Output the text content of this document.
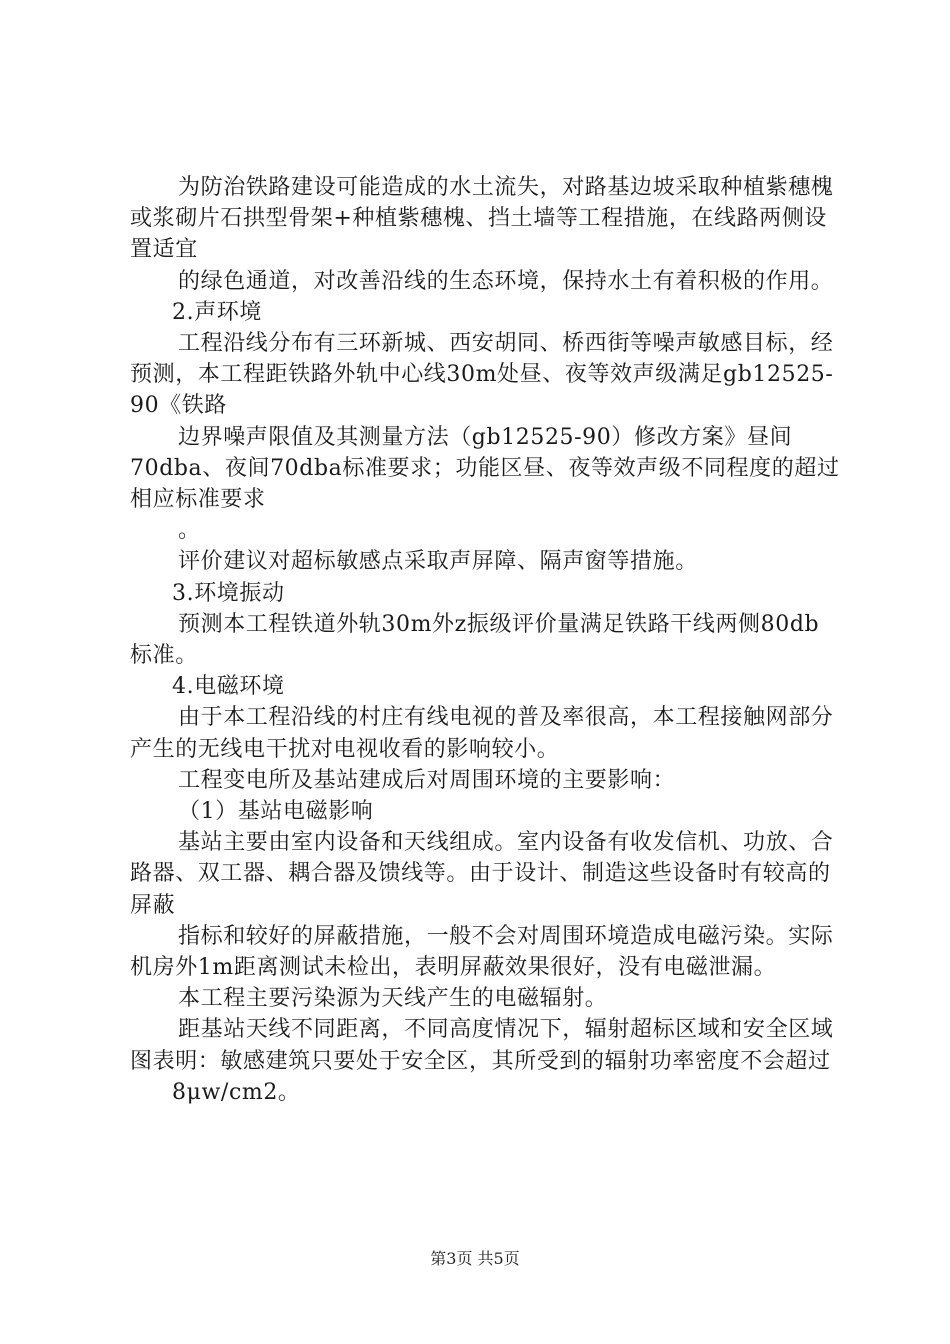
为防治铁路建设可能造成的水土流失，对路基边坡采取种植紫穗槐或浆砌片石拱型骨架+种植紫穗槐、挡土墙等工程措施，在线路两侧设置适宜

的绿色通道，对改善沿线的生态环境，保持水土有着积极的作用。

2.声环境

工程沿线分布有三环新城、西安胡同、桥西街等噪声敏感目标，经预测，本工程距铁路外轨中心线30m处昼、夜等效声级满足gb12525-90《铁路

边界噪声限值及其测量方法（gb12525-90）修改方案》昼间70dba、夜间70dba标准要求；功能区昼、夜等效声级不同程度的超过相应标准要求

。

评价建议对超标敏感点采取声屏障、隔声窗等措施。

3.环境振动

预测本工程铁道外轨30m外z振级评价量满足铁路干线两侧80db标准。

4.电磁环境

由于本工程沿线的村庄有线电视的普及率很高，本工程接触网部分产生的无线电干扰对电视收看的影响较小。

工程变电所及基站建成后对周围环境的主要影响：

（1）基站电磁影响

基站主要由室内设备和天线组成。室内设备有收发信机、功放、合路器、双工器、耦合器及馈线等。由于设计、制造这些设备时有较高的屏蔽

指标和较好的屏蔽措施，一般不会对周围环境造成电磁污染。实际机房外1m距离测试未检出，表明屏蔽效果很好，没有电磁泄漏。

本工程主要污染源为天线产生的电磁辐射。

距基站天线不同距离，不同高度情况下，辐射超标区域和安全区域图表明：敏感建筑只要处于安全区，其所受到的辐射功率密度不会超过

8μw/cm2。

第3页 共5页
